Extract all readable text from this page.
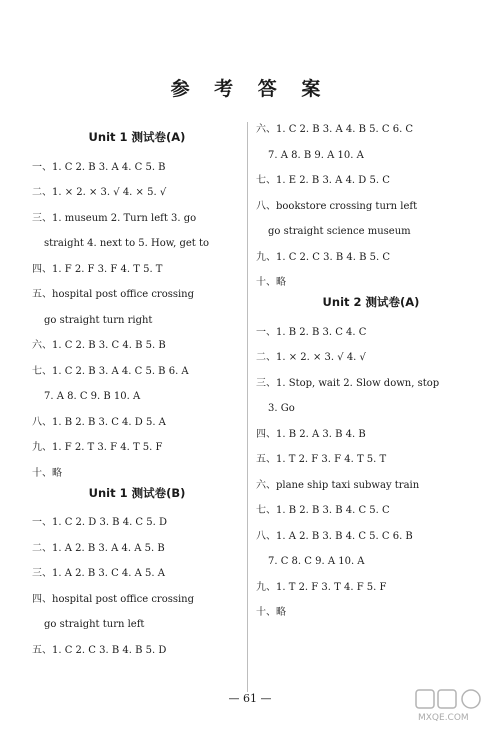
参 考 答 案
Unit 1 测试卷(A)
一、1. C 2. B 3. A 4. C 5. B
二、1. × 2. × 3. √ 4. × 5. √
三、1. museum 2. Turn left 3. go
straight 4. next to 5. How, get to
四、1. F 2. F 3. F 4. T 5. T
五、hospital post office crossing
go straight turn right
六、1. C 2. B 3. C 4. B 5. B
七、1. C 2. B 3. A 4. C 5. B 6. A
7. A 8. C 9. B 10. A
八、1. B 2. B 3. C 4. D 5. A
九、1. F 2. T 3. F 4. T 5. F
十、略
Unit 1 测试卷(B)
一、1. C 2. D 3. B 4. C 5. D
二、1. A 2. B 3. A 4. A 5. B
三、1. A 2. B 3. C 4. A 5. A
四、hospital post office crossing
go straight turn left
五、1. C 2. C 3. B 4. B 5. D
六、1. C 2. B 3. A 4. B 5. C 6. C
7. A 8. B 9. A 10. A
七、1. E 2. B 3. A 4. D 5. C
八、bookstore crossing turn left
go straight science museum
九、1. C 2. C 3. B 4. B 5. C
十、略
Unit 2 测试卷(A)
一、1. B 2. B 3. C 4. C
二、1. × 2. × 3. √ 4. √
三、1. Stop, wait 2. Slow down, stop
3. Go
四、1. B 2. A 3. B 4. B
五、1. T 2. F 3. F 4. T 5. T
六、plane ship taxi subway train
七、1. B 2. B 3. B 4. C 5. C
八、1. A 2. B 3. B 4. C 5. C 6. B
7. C 8. C 9. A 10. A
九、1. T 2. F 3. T 4. F 5. F
十、略
— 61 —
MXQE.COM
